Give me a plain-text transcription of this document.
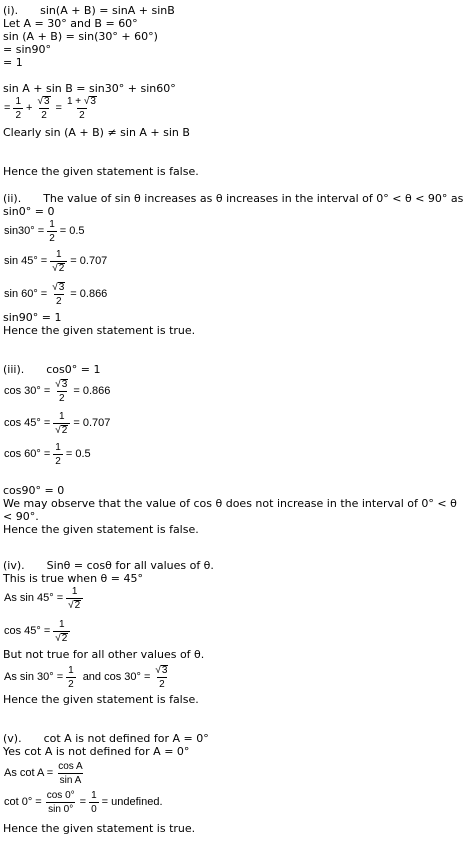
(i). sin(A + B) = sinA + sinB
Let A = 30° and B = 60°
sin (A + B) = sin(30° + 60°)
= sin90°
= 1
sin A + sin B = sin30° + sin60°
= $\frac{1}{2} + \frac{√ 3}{2} = \frac{1 + √ 3}{2}$
Clearly sin (A + B) ≠ sin A + sin B
Hence the given statement is false.
(ii). The value of sin θ increases as θ increases in the interval of 0° < θ < 90° as sin0° = 0
$\sin 30^\circ = \frac{1}{2} = 0.5$
$\sin 45^\circ = \frac{1}{√ 2} = 0.707$
$\sin 60^\circ = \frac{√ 3}{2} = 0.866$
sin90° = 1
Hence the given statement is true.
(iii). cos0° = 1
$\cos 30^\circ = \frac{√ 3}{2} = 0.866$
$\cos 45^\circ = \frac{1}{√ 2} = 0.707$
$\cos 60^\circ = \frac{1}{2} = 0.5$
cos90° = 0
We may observe that the value of cos θ does not increase in the interval of 0° < θ < 90°.
Hence the given statement is false.
(iv). Sinθ = cosθ for all values of θ.
This is true when θ = 45°
As $\sin 45^\circ = \frac{1}{√ 2}$
$\cos 45^\circ = \frac{1}{√ 2}$
But not true for all other values of θ.
As $\sin 30^\circ = \frac{1}{2}$ and $\cos 30^\circ = \frac{√ 3}{2}$
Hence the given statement is false.
(v). cot A is not defined for A = 0°
Yes cot A is not defined for A = 0°
As $\cot A = \frac{\text{cos A}}{\text{sin A}}$
$\cot 0^\circ = \frac{\cos 0^\circ}{\sin 0^\circ} = \frac{1}{0}$ = undefined.
Hence the given statement is true.
